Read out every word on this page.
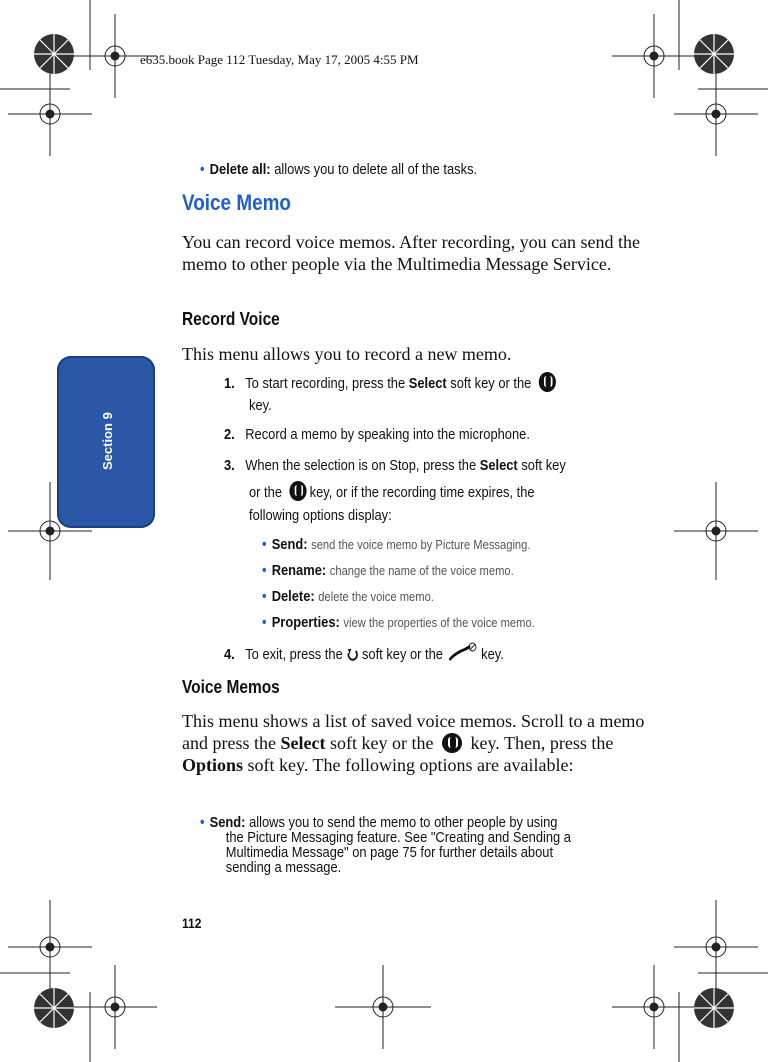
e635.book Page 112 Tuesday, May 17, 2005 4:55 PM
Section 9
• Delete all: allows you to delete all of the tasks.
Voice Memo
You can record voice memos. After recording, you can send the memo to other people via the Multimedia Message Service.
Record Voice
This menu allows you to record a new memo.
1. To start recording, press the Select soft key or the
key.
2. Record a memo by speaking into the microphone.
3. When the selection is on Stop, press the Select soft key
or the key, or if the recording time expires, the
following options display:
• Send: send the voice memo by Picture Messaging.
• Rename: change the name of the voice memo.
• Delete: delete the voice memo.
• Properties: view the properties of the voice memo.
4. To exit, press the soft key or the	key.
Voice Memos
This menu shows a list of saved voice memos. Scroll to a memo and press the Select soft key or the  key. Then, press the Options soft key. The following options are available:
• Send: allows you to send the memo to other people by using
the Picture Messaging feature. See "Creating and Sending a
Multimedia Message" on page 75 for further details about
sending a message.
112
